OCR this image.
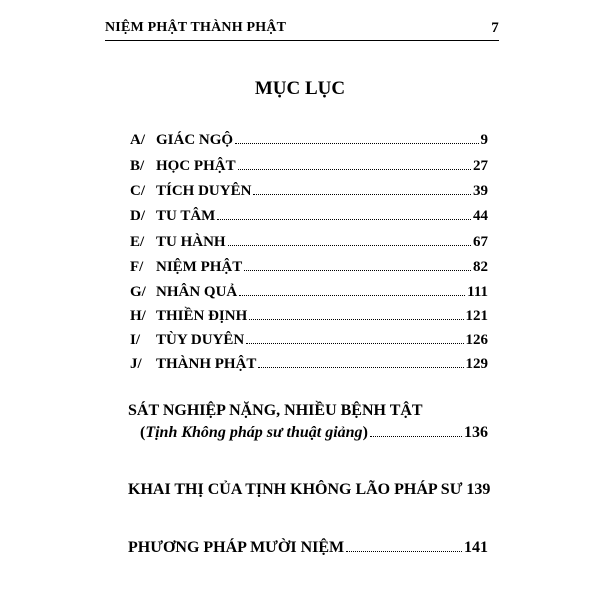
NIỆM PHẬT THÀNH PHẬT	7
MỤC LỤC
A/ GIÁC NGỘ	9
B/ HỌC PHẬT	27
C/ TÍCH DUYÊN	39
D/ TU TÂM	44
E/ TU HÀNH	67
F/ NIỆM PHẬT	82
G/ NHÂN QUẢ	111
H/ THIỀN ĐỊNH	121
I/	TÙY DUYÊN	126
J/ THÀNH PHẬT	129
SÁT NGHIỆP NẶNG, NHIỀU BỆNH TẬT
( Tịnh Không pháp sư thuật giảng )	136
KHAI THỊ CỦA TỊNH KHÔNG LÃO PHÁP SƯ 139
PHƯƠNG PHÁP MƯỜI NIỆM	141
